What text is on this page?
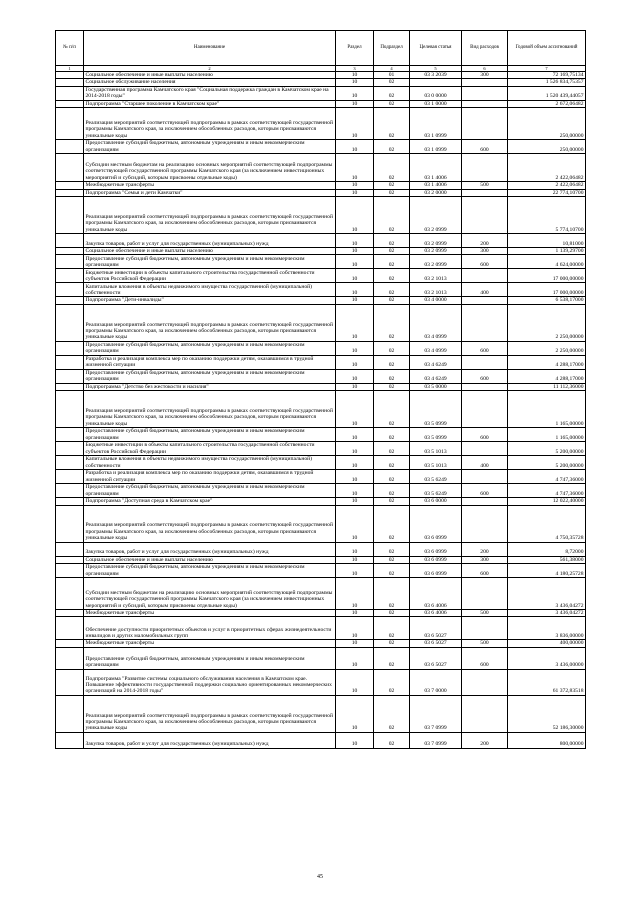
№ п/п	Наименование	Раздел	Подраздел	Целевая статья	Вид расходов	Годовой объем ассигнований
1	2	3	4	5	6	7
	Социальное обеспечение и иные выплаты населению	10	01	03 3 2039	300	72 169,75134
	Социальное обслуживание населения	10	02			1 526 834,75357
	Государственная программа Камчатского края "Социальная поддержка граждан в Камчатском крае на 2014-2018 годы"	10	02	03 0 0000		1 520 439,44057
	Подпрограмма "Старшее поколение в Камчатском крае"	10	02	03 1 0000		2 672,06482
	Реализация мероприятий соответствующей подпрограммы в рамках соответствующей государственной программы Камчатского края, за исключением обособленных расходов, которым присваиваются уникальные коды	10	02	03 1 0999		250,00000
	Предоставление субсидий бюджетным, автономным учреждениям и иным некоммерческим организациям	10	02	03 1 0999	600	250,00000
	Субсидии местным бюджетам на реализацию основных мероприятий соответствующей подпрограммы соответствующей государственной программы Камчатского края (за исключением инвестиционных мероприятий и субсидий, которым присвоены отдельные коды)	10	02	03 1 4006		2 422,06482
	Межбюджетные трансферты	10	02	03 1 4006	500	2 422,06482
	Подпрограмма "Семья и дети Камчатки"	10	02	03 2 0000		22 774,10700
	Реализация мероприятий соответствующей подпрограммы в рамках соответствующей государственной программы Камчатского края, за исключением обособленных расходов, которым присваиваются уникальные коды	10	02	03 2 0999		5 774,10700
	Закупка товаров, работ и услуг для государственных (муниципальных) нужд	10	02	03 2 0999	200	10,81000
	Социальное обеспечение и иные выплаты населению	10	02	03 2 0999	300	1 139,29700
	Предоставление субсидий бюджетным, автономным учреждениям и иным некоммерческим организациям	10	02	03 2 0999	600	4 624,00000
	Бюджетные инвестиции в объекты капитального строительства государственной собственности субъектов Российской Федерации	10	02	03 2 1013		17 000,00000
	Капитальные вложения в объекты недвижимого имущества государственной (муниципальной) собственности	10	02	03 2 1013	400	17 000,00000
	Подпрограмма "Дети-инвалиды"	10	02	03 4 0000		6 538,17000
	Реализация мероприятий соответствующей подпрограммы в рамках соответствующей государственной программы Камчатского края, за исключением обособленных расходов, которым присваиваются уникальные коды	10	02	03 4 0999		2 250,00000
	Предоставление субсидий бюджетным, автономным учреждениям и иным некоммерческим организациям	10	02	03 4 0999	600	2 250,00000
	Разработка и реализация комплекса мер по оказанию поддержки детям, оказавшимся в трудной жизненной ситуации	10	02	03 4 6249		4 288,17000
	Предоставление субсидий бюджетным, автономным учреждениям и иным некоммерческим организациям	10	02	03 4 6249	600	4 288,17000
	Подпрограмма "Детство без жестокости и насилия"	10	02	03 5 0000		11 112,36000
	Реализация мероприятий соответствующей подпрограммы в рамках соответствующей государственной программы Камчатского края, за исключением обособленных расходов, которым присваиваются уникальные коды	10	02	03 5 0999		1 165,00000
	Предоставление субсидий бюджетным, автономным учреждениям и иным некоммерческим организациям	10	02	03 5 0999	600	1 165,00000
	Бюджетные инвестиции в объекты капитального строительства государственной собственности субъектов Российской Федерации	10	02	03 5 1013		5 200,00000
	Капитальные вложения в объекты недвижимого имущества государственной (муниципальной) собственности	10	02	03 5 1013	400	5 200,00000
	Разработка и реализация комплекса мер по оказанию поддержки детям, оказавшимся в трудной жизненной ситуации	10	02	03 5 6249		4 747,36000
	Предоставление субсидий бюджетным, автономным учреждениям и иным некоммерческим организациям	10	02	03 5 6249	600	4 747,36000
	Подпрограмма "Доступная среда в Камчатском крае"	10	02	03 6 0000		12 022,40000
	Реализация мероприятий соответствующей подпрограммы в рамках соответствующей государственной программы Камчатского края, за исключением обособленных расходов, которым присваиваются уникальные коды	10	02	03 6 0999		4 750,35728
	Закупка товаров, работ и услуг для государственных (муниципальных) нужд	10	02	03 6 0999	200	8,72000
	Социальное обеспечение и иные выплаты населению	10	02	03 6 0999	300	561,38000
	Предоставление субсидий бюджетным, автономным учреждениям и иным некоммерческим организациям	10	02	03 6 0999	600	4 180,25728
	Субсидии местным бюджетам на реализацию основных мероприятий соответствующей подпрограммы соответствующей государственной программы Камчатского края (за исключением инвестиционных мероприятий и субсидий, которым присвоены отдельные коды)	10	02	03 6 4006		3 436,04272
	Межбюджетные трансферты	10	02	03 6 4006	500	3 436,04272
	Обеспечение доступности приоритетных объектов и услуг в приоритетных сферах жизнедеятельности инвалидов и других маломобильных групп	10	02	03 6 5027		3 836,00000
	Межбюджетные трансферты	10	02	03 6 5027	500	400,00000
	Предоставление субсидий бюджетным, автономным учреждениям и иным некоммерческим организациям	10	02	03 6 5027	600	3 436,00000
	Подпрограмма "Развитие системы социального обслуживания населения в Камчатском крае. Повышение эффективности государственной поддержки социально ориентированных некоммерческих организаций на 2014-2018 годы"	10	02	03 7 0000		61 372,83518
	Реализация мероприятий соответствующей подпрограммы в рамках соответствующей государственной программы Камчатского края, за исключением обособленных расходов, которым присваиваются уникальные коды	10	02	03 7 0999		52 186,30000
	Закупка товаров, работ и услуг для государственных (муниципальных) нужд	10	02	03 7 0999	200	800,00000
45
